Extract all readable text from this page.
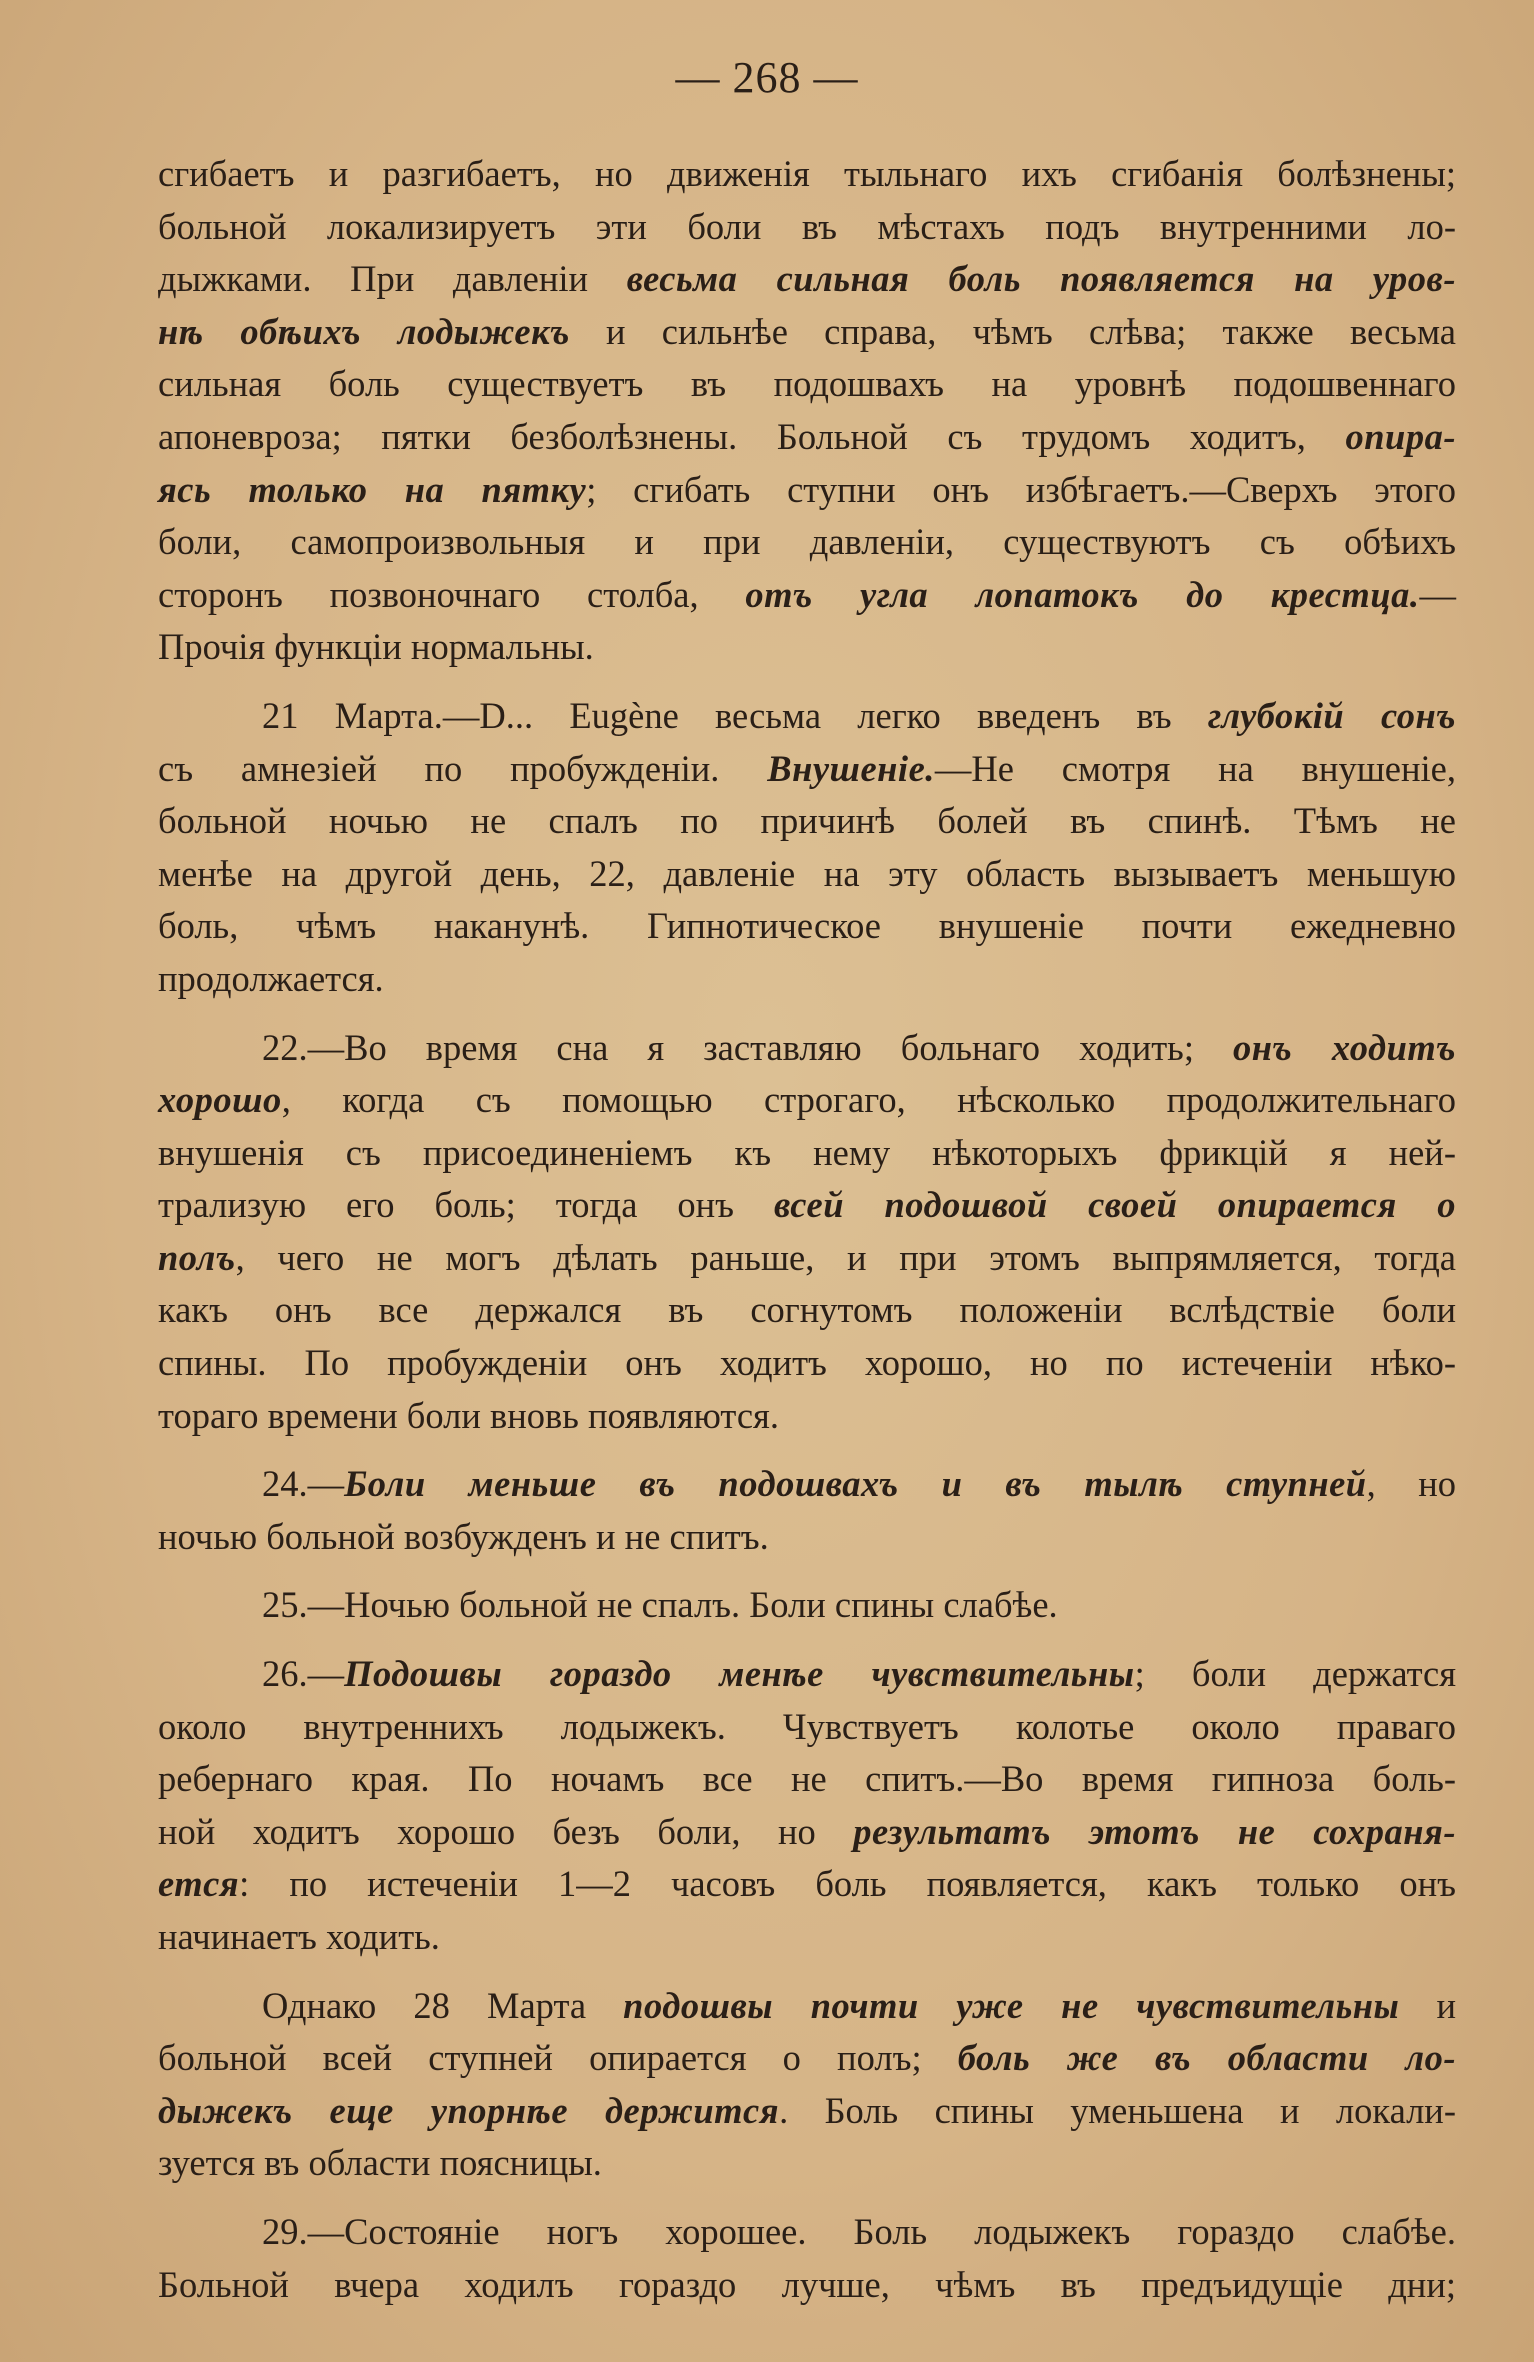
— 268 —
сгибаетъ и разгибаетъ, но движенія тыльнаго ихъ сгибанія болѣзнены;
больной локализируетъ эти боли въ мѣстахъ подъ внутренними ло-
дыжками. При давленіи весьма сильная боль появляется на уров-
нѣ обѣихъ лодыжекъ и сильнѣе справа, чѣмъ слѣва; также весьма
сильная боль существуетъ въ подошвахъ на уровнѣ подошвеннаго
апоневроза; пятки безболѣзнены. Больной съ трудомъ ходитъ, опира-
ясь только на пятку; сгибать ступни онъ избѣгаетъ.—Сверхъ этого
боли, самопроизвольныя и при давленіи, существуютъ съ обѣихъ
сторонъ позвоночнаго столба, отъ угла лопатокъ до крестца.—
Прочія функціи нормальны.
21 Марта.—D... Eugène весьма легко введенъ въ глубокій сонъ
съ амнезіей по пробужденіи. Внушеніе.—Не смотря на внушеніе,
больной ночью не спалъ по причинѣ болей въ спинѣ. Тѣмъ не
менѣе на другой день, 22, давленіе на эту область вызываетъ меньшую
боль, чѣмъ наканунѣ. Гипнотическое внушеніе почти ежедневно
продолжается.
22.—Во время сна я заставляю больнаго ходить; онъ ходитъ
хорошо, когда съ помощью строгаго, нѣсколько продолжительнаго
внушенія съ присоединеніемъ къ нему нѣкоторыхъ фрикцій я ней-
трализую его боль; тогда онъ всей подошвой своей опирается о
полъ, чего не могъ дѣлать раньше, и при этомъ выпрямляется, тогда
какъ онъ все держался въ согнутомъ положеніи вслѣдствіе боли
спины. По пробужденіи онъ ходитъ хорошо, но по истеченіи нѣко-
тораго времени боли вновь появляются.
24.—Боли меньше въ подошвахъ и въ тылѣ ступней, но
ночью больной возбужденъ и не спитъ.
25.—Ночью больной не спалъ. Боли спины слабѣе.
26.—Подошвы гораздо менѣе чувствительны; боли держатся
около внутреннихъ лодыжекъ. Чувствуетъ колотье около праваго
ребернаго края. По ночамъ все не спитъ.—Во время гипноза боль-
ной ходитъ хорошо безъ боли, но результатъ этотъ не сохраня-
ется: по истеченіи 1—2 часовъ боль появляется, какъ только онъ
начинаетъ ходить.
Однако 28 Марта подошвы почти уже не чувствительны и
больной всей ступней опирается о полъ; боль же въ области ло-
дыжекъ еще упорнѣе держится. Боль спины уменьшена и локали-
зуется въ области поясницы.
29.—Состояніе ногъ хорошее. Боль лодыжекъ гораздо слабѣе.
Больной вчера ходилъ гораздо лучше, чѣмъ въ предъидущіе дни;
